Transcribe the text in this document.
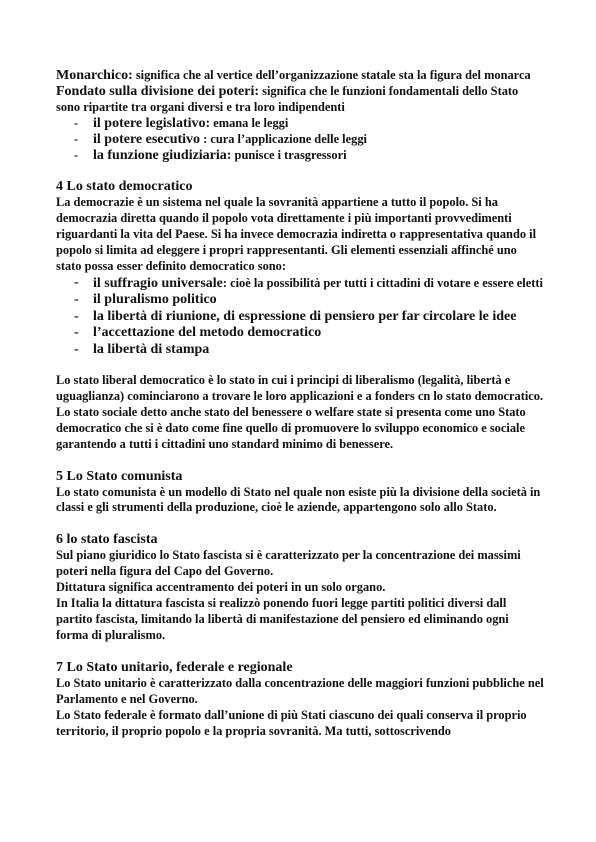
Monarchico: significa che al vertice dell’organizzazione statale sta la figura del monarca

Fondato sulla divisione dei poteri: significa che le funzioni fondamentali dello Stato sono ripartite tra organi diversi e tra loro indipendenti

- il potere legislativo: emana le leggi
- il potere esecutivo : cura l’applicazione delle leggi
- la funzione giudiziaria: punisce i trasgressori

4 Lo stato democratico

La democrazie è un sistema nel quale la sovranità appartiene a tutto il popolo. Si ha democrazia diretta quando il popolo vota direttamente i più importanti provvedimenti riguardanti la vita del Paese. Si ha invece democrazia indiretta o rappresentativa quando il popolo si limita ad eleggere i propri rappresentanti. Gli elementi essenziali affinché uno stato possa esser definito democratico sono:

- il suffragio universale: cioè la possibilità per tutti i cittadini di votare e essere eletti
- il pluralismo politico
- la libertà di riunione, di espressione di pensiero per far circolare le idee
- l’accettazione del metodo democratico
- la libertà di stampa

Lo stato liberal democratico è lo stato in cui i principi di liberalismo (legalità, libertà e uguaglianza) cominciarono a trovare le loro applicazioni e a fonders cn lo stato democratico.

Lo stato sociale detto anche stato del benessere o welfare state si presenta come uno Stato democratico che si è dato come fine quello di promuovere lo sviluppo economico e sociale garantendo a tutti i cittadini uno standard minimo di benessere.

5 Lo Stato comunista

Lo stato comunista è un modello di Stato nel quale non esiste più la divisione della società in classi e gli strumenti della produzione, cioè le aziende, appartengono solo allo Stato.

6 lo stato fascista

Sul piano giuridico lo Stato fascista si è caratterizzato per la concentrazione dei massimi poteri nella figura del Capo del Governo.

Dittatura significa accentramento dei poteri in un solo organo.

In Italia la dittatura fascista si realizzò ponendo fuori legge partiti politici diversi dall partito fascista, limitando la libertà di manifestazione del pensiero ed eliminando ogni forma di pluralismo.

7 Lo Stato unitario, federale e regionale

Lo Stato unitario è caratterizzato dalla concentrazione delle maggiori funzioni pubbliche nel Parlamento e nel Governo.

Lo Stato federale è formato dall’unione di più Stati ciascuno dei quali conserva il proprio territorio, il proprio popolo e la propria sovranità. Ma tutti, sottoscrivendo
